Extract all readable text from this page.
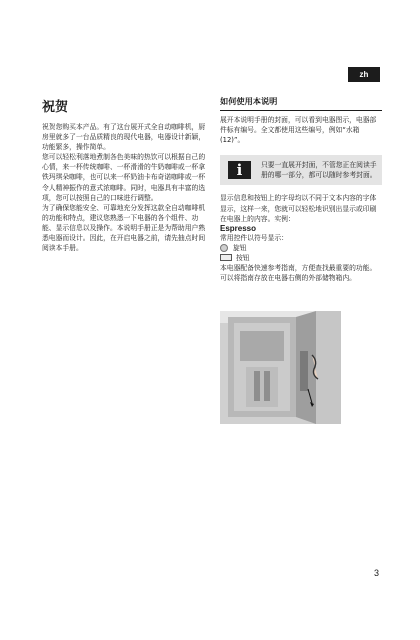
zh
祝贺

祝贺您购买本产品。有了这台展开式全自动咖啡机，厨房里就多了一台品质精良的现代电器，电器设计新颖，功能繁多，操作简单。

您可以轻松利落地煮制各色美味的热饮可以根据自己的心情，来一杯传统咖啡、一杯滑滑的牛奶咖啡或一杯拿铁玛琪朵咖啡，也可以来一杯奶油卡布奇诺咖啡或一杯令人精神振作的意式浓咖啡。同时，电器具有丰富的选项，您可以按照自己的口味进行调整。

为了确保您能安全、可靠地充分发挥这款全自动咖啡机的功能和特点，建议您熟悉一下电器的各个组件、功能、显示信息以及操作。本说明手册正是为帮助用户熟悉电器而设计。因此，在开启电器之前，请先抽点时间阅读本手册。

如何使用本说明

展开本说明手册的封面，可以看到电器图示，电器部件标有编号。全文都使用这些编号，例如“水箱 (12)”。

i	只要一直展开封面，不管您正在阅读手册的哪一部分，都可以随时参考封面。

显示信息和按钮上的字母均以不同于文本内容的字体显示，这样一来，您就可以轻松地识别出显示或印刷在电器上的内容。实例：

Espresso

常用控件以符号显示：

旋钮
按钮

本电器配备快速参考指南，方便查找最重要的功能。

可以将指南存放在电器右侧的外部储物箱内。

3
